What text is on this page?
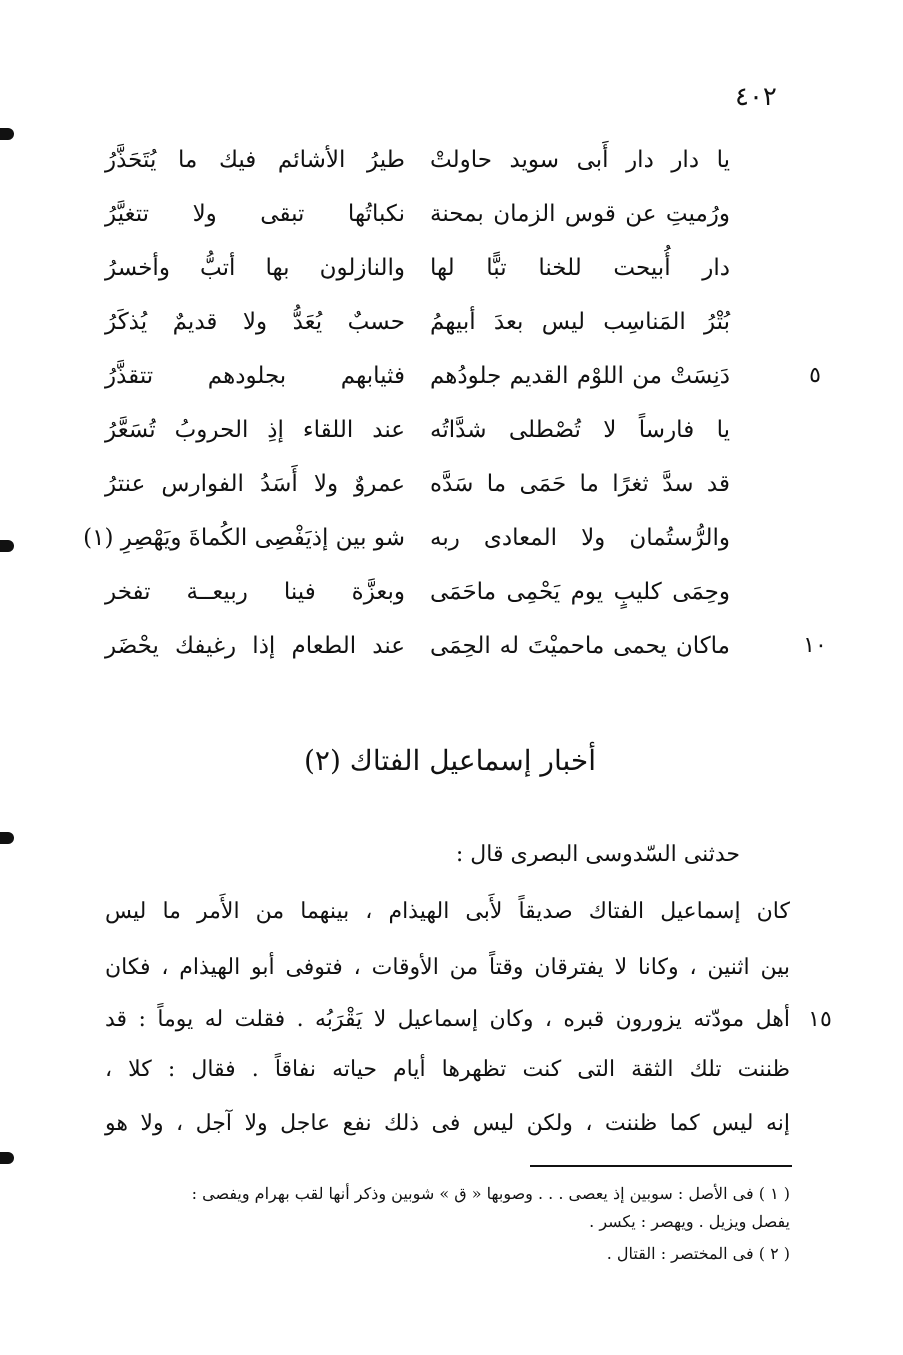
٤٠٢
يا دار دار أَبى سويد حاولتْ
طيرُ الأشائم فيك ما يُتَحَذَّرُ
ورُميتِ عن قوس الزمان بمحنة
نكباتُها تبقى ولا تتغيَّرُ
دار أُبيحت للخنا تبًّا لها
والنازلون بها أتبُّ وأخسرُ
بُتْرُ المَناسِب ليس بعدَ أبيهمُ
حسبٌ يُعَدُّ ولا قديمٌ يُذكَرُ
٥
دَنِسَتْ من اللوْم القديم جلودُهم
فثيابهم بجلودهم تتقذَّرُ
يا فارساً لا تُصْطلى شدَّاتُه
عند اللقاء إذِ الحروبُ تُسَعَّرُ
قد سدَّ ثغرًا ما حَمَى ما سَدَّه
عمروٌ ولا أَسَدُ الفوارس عنترُ
والرُّستُمان ولا المعادى ربه
شو بين إذيَفْصِى الكُماةَ ويَهْصِرِ (١)
وحِمَى كليبٍ يوم يَحْمِى ماحَمَى
وبعزَّة فينا ربيعــة تفخر
١٠
ماكان يحمى ماحميْتَ له الحِمَى
عند الطعام إذا رغيفك يحْضَر
أخبار إسماعيل الفتاك (٢)
حدثنى السّدوسى البصرى قال :
كان إسماعيل الفتاك صديقاً لأَبى الهيذام ، بينهما من الأَمر ما ليس
بين اثنين ، وكانا لا يفترقان وقتاً من الأوقات ، فتوفى أبو الهيذام ، فكان
١٥
أهل مودّته يزورون قبره ، وكان إسماعيل لا يَقْرَبُه . فقلت له يوماً : قد
ظننت تلك الثقة التى كنت تظهرها أيام حياته نفاقاً . فقال : كلا ،
إنه ليس كما ظننت ، ولكن ليس فى ذلك نفع عاجل ولا آجل ، ولا هو
( ١ ) فى الأصل : سوبين إذ يعصى . . . وصوبها « ق » شوبين وذكر أنها لقب بهرام ويفصى :
يفصل ويزيل . ويهصر : يكسر .
( ٢ ) فى المختصر : القتال .
